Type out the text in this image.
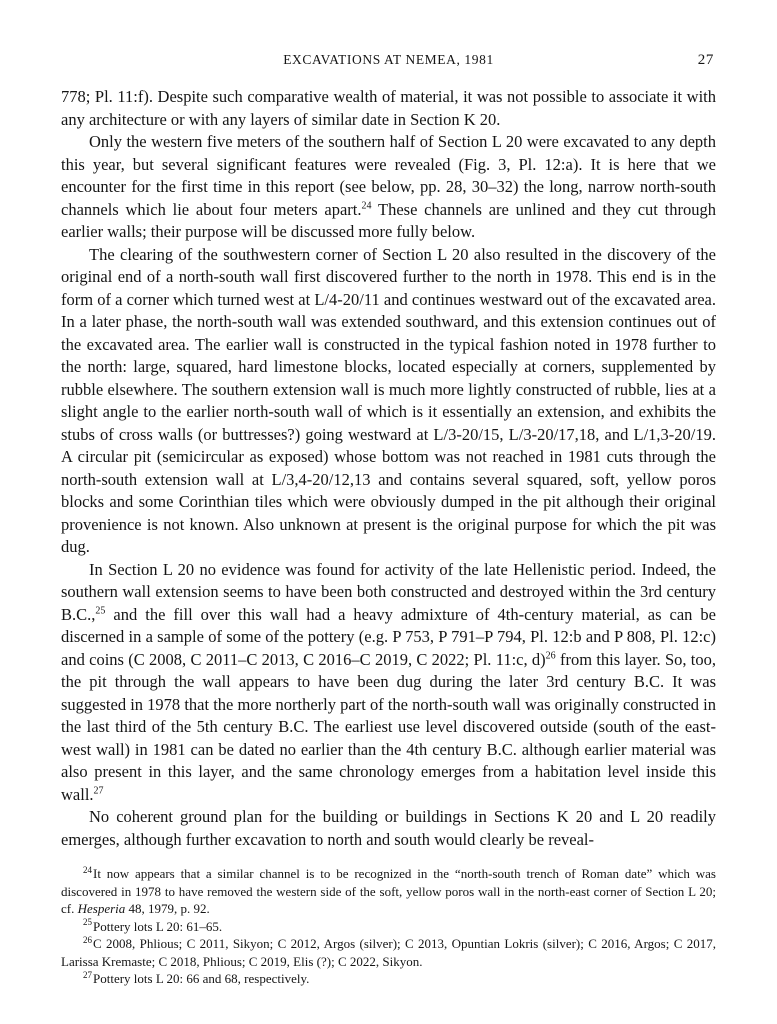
EXCAVATIONS AT NEMEA, 1981	27

778; Pl. 11:f). Despite such comparative wealth of material, it was not possible to associate it with any architecture or with any layers of similar date in Section K 20.

Only the western five meters of the southern half of Section L 20 were excavated to any depth this year, but several significant features were revealed (Fig. 3, Pl. 12:a). It is here that we encounter for the first time in this report (see below, pp. 28, 30–32) the long, narrow north-south channels which lie about four meters apart.$^{24}$ These channels are unlined and they cut through earlier walls; their purpose will be discussed more fully below.

The clearing of the southwestern corner of Section L 20 also resulted in the discovery of the original end of a north-south wall first discovered further to the north in 1978. This end is in the form of a corner which turned west at L/4-20/11 and continues westward out of the excavated area. In a later phase, the north-south wall was extended southward, and this extension continues out of the excavated area. The earlier wall is constructed in the typical fashion noted in 1978 further to the north: large, squared, hard limestone blocks, located especially at corners, supplemented by rubble elsewhere. The southern extension wall is much more lightly constructed of rubble, lies at a slight angle to the earlier north-south wall of which is it essentially an extension, and exhibits the stubs of cross walls (or buttresses?) going westward at L/3-20/15, L/3-20/17,18, and L/1,3-20/19. A circular pit (semicircular as exposed) whose bottom was not reached in 1981 cuts through the north-south extension wall at L/3,4-20/12,13 and contains several squared, soft, yellow poros blocks and some Corinthian tiles which were obviously dumped in the pit although their original provenience is not known. Also unknown at present is the original purpose for which the pit was dug.

In Section L 20 no evidence was found for activity of the late Hellenistic period. Indeed, the southern wall extension seems to have been both constructed and destroyed within the 3rd century B.C.,$^{25}$ and the fill over this wall had a heavy admixture of 4th-century material, as can be discerned in a sample of some of the pottery (e.g. P 753, P 791–P 794, Pl. 12:b and P 808, Pl. 12:c) and coins (C 2008, C 2011–C 2013, C 2016–C 2019, C 2022; Pl. 11:c, d)$^{26}$ from this layer. So, too, the pit through the wall appears to have been dug during the later 3rd century B.C. It was suggested in 1978 that the more northerly part of the north-south wall was originally constructed in the last third of the 5th century B.C. The earliest use level discovered outside (south of the east-west wall) in 1981 can be dated no earlier than the 4th century B.C. although earlier material was also present in this layer, and the same chronology emerges from a habitation level inside this wall.$^{27}$

No coherent ground plan for the building or buildings in Sections K 20 and L 20 readily emerges, although further excavation to north and south would clearly be reveal-

$^{24}$It now appears that a similar channel is to be recognized in the “north-south trench of Roman date” which was discovered in 1978 to have removed the western side of the soft, yellow poros wall in the north-east corner of Section L 20; cf. Hesperia 48, 1979, p. 92.

$^{25}$Pottery lots L 20: 61–65.

$^{26}$C 2008, Phlious; C 2011, Sikyon; C 2012, Argos (silver); C 2013, Opuntian Lokris (silver); C 2016, Argos; C 2017, Larissa Kremaste; C 2018, Phlious; C 2019, Elis (?); C 2022, Sikyon.

$^{27}$Pottery lots L 20: 66 and 68, respectively.
